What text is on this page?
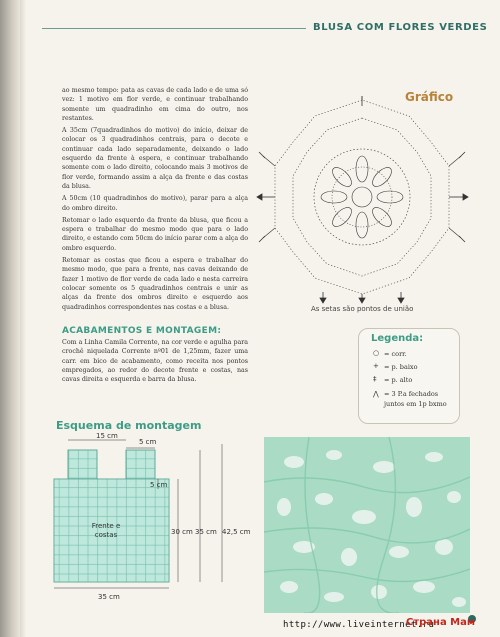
BLUSA COM FLORES VERDES

ao mesmo tempo: pata as cavas de cada lado e de uma só vez: 1 motivo em flor verde, e continuar trabalhando somente um quadradinho em cima do outro, nos restantes.

A 35cm (7quadradinhos do motivo) do início, deixar de colocar os 3 quadradinhos centrais, para o decote e continuar cada lado separadamente, deixando o lado esquerdo da frente à espera, e continuar trabalhando somente com o lado direito, colocando mais 3 motivos de flor verde, formando assim a alça da frente e das costas da blusa.

A 50cm (10 quadradinhos do motivo), parar para a alça do ombro direito.

Retomar o lado esquerdo da frente da blusa, que ficou a espera e trabalhar do mesmo modo que para o lado direito, e estando com 50cm do início parar com a alça do ombro esquerdo.

Retomar as costas que ficou a espera e trabalhar do mesmo modo, que para a frente, nas cavas deixando de fazer 1 motivo de flor verde de cada lado e nesta carreira colocar somente os 5 quadradinhos centrais e unir as alças da frente dos ombros direito e esquerdo aos quadradinhos correspondentes nas costas e a blusa.

ACABAMENTOS E MONTAGEM:

Com a Linha Camila Corrente, na cor verde e agulha para crochê niquelada Corrente nº01 de 1,25mm, fazer uma carr. em bico de acabamento, como receita nos pontos empregados, ao redor do decote frente e costas, nas cavas direita e esquerda e barra da blusa.

Esquema de montagem
15 cm
5 cm
5 cm
30 cm 35 cm 42,5 cm
35 cm
Frente e costas
Gráfico
As setas são pontos de união
Legenda:
○ = corr.
+ = p. baixo
‡ = p. alto
⋀ = 3 P.a fechados
juntos em 1p bxmo
http://www.liveinternet.ru
Страна Мам
